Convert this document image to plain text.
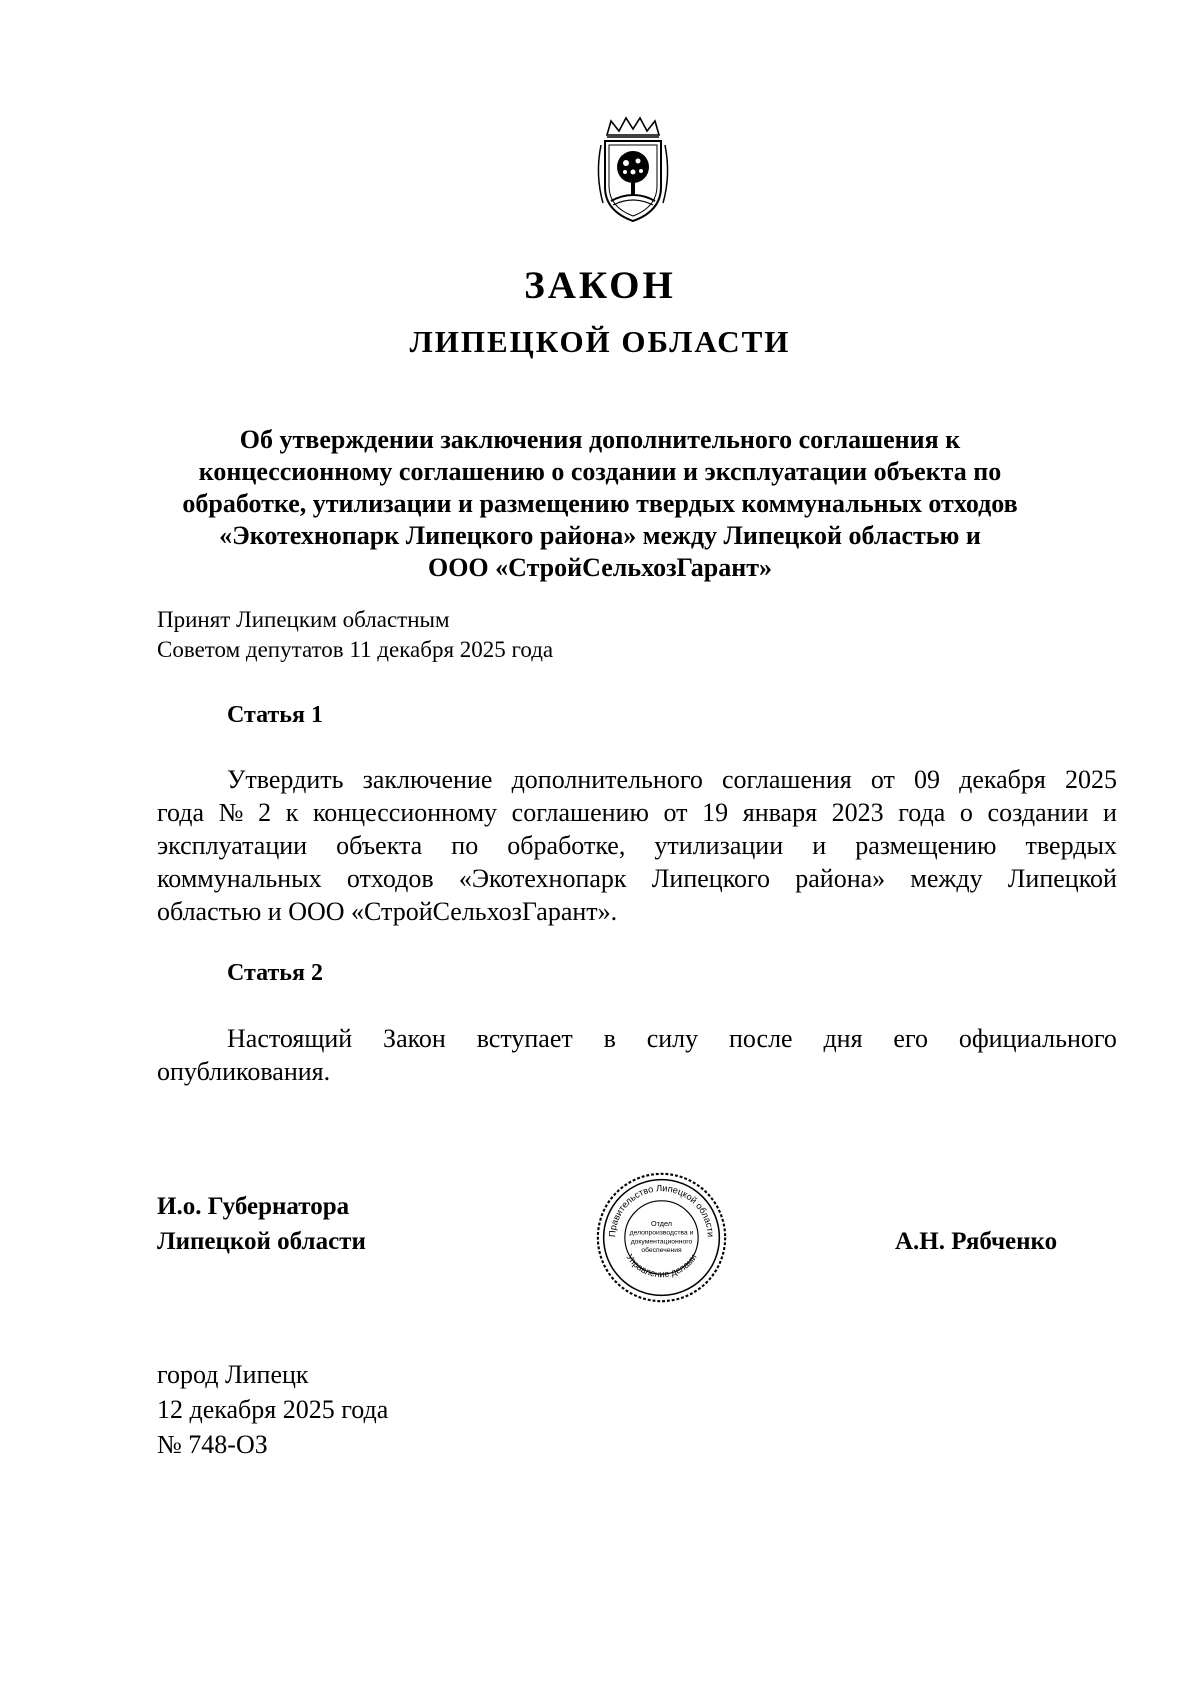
ЗАКОН
ЛИПЕЦКОЙ ОБЛАСТИ
Об утверждении заключения дополнительного соглашения к
концессионному соглашению о создании и эксплуатации объекта по
обработке, утилизации и размещению твердых коммунальных отходов
«Экотехнопарк Липецкого района» между Липецкой областью и
ООО «СтройСельхозГарант»
Принят Липецким областным
Советом депутатов 11 декабря 2025 года
Статья 1
Утвердить заключение дополнительного соглашения от 09 декабря 2025
года № 2 к концессионному соглашению от 19 января 2023 года о создании и
эксплуатации объекта по обработке, утилизации и размещению твердых
коммунальных отходов «Экотехнопарк Липецкого района» между Липецкой
областью и ООО «СтройСельхозГарант».
Статья 2
Настоящий Закон вступает в силу после дня его официального
опубликования.
И.о. Губернатора
Липецкой области	Правительство Липецкой области
Управление делами
Отдел
делопроизводства и
документационного
обеспечения	А.Н. Рябченко
город Липецк
12 декабря 2025 года
№ 748-ОЗ
